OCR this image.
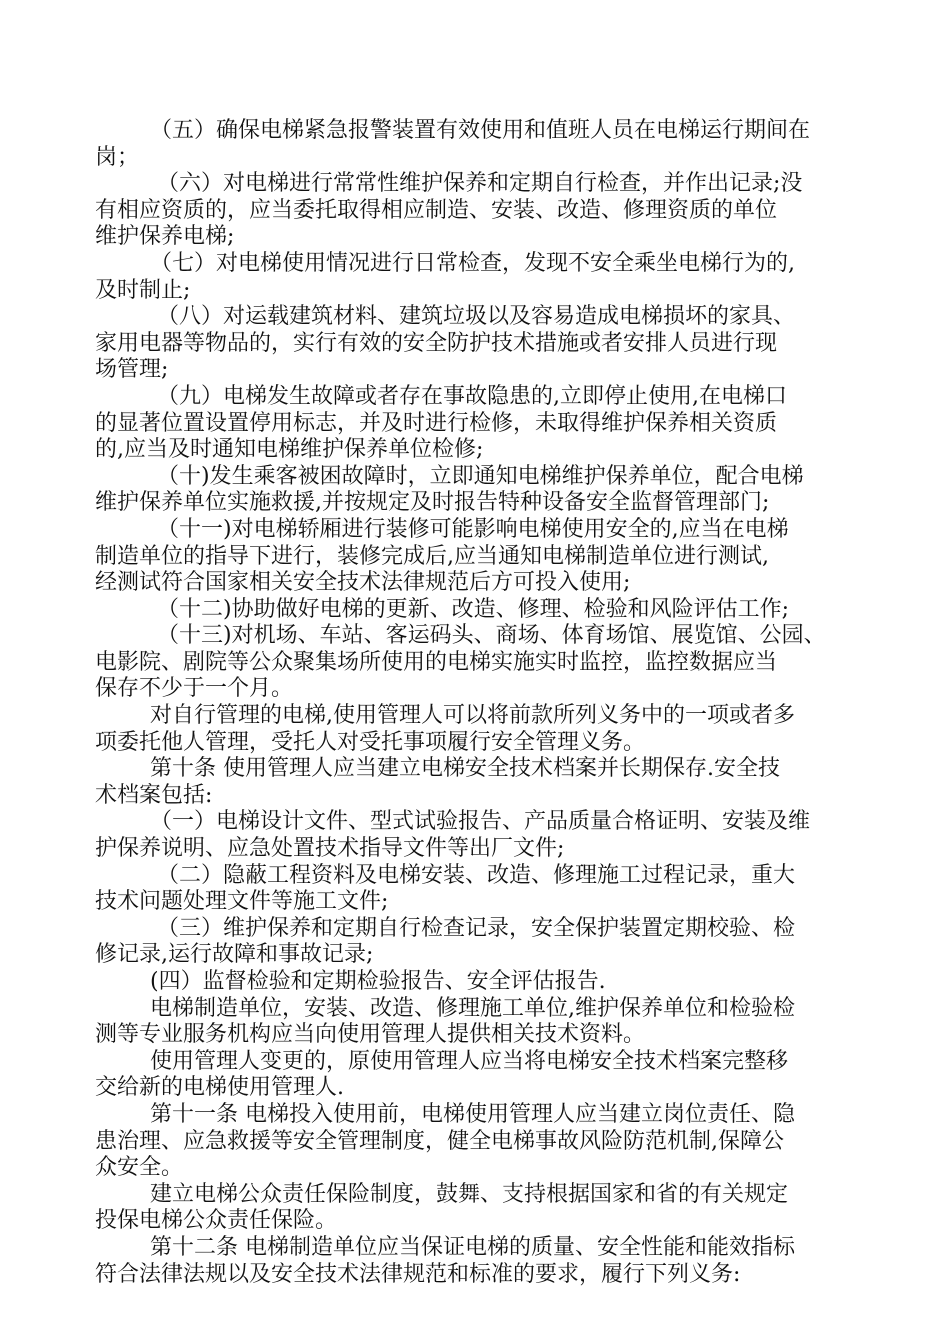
（五）确保电梯紧急报警装置有效使用和值班人员在电梯运行期间在
岗；
（六）对电梯进行常常性维护保养和定期自行检查，并作出记录;没
有相应资质的，应当委托取得相应制造、安装、改造、修理资质的单位
维护保养电梯;
（七）对电梯使用情况进行日常检查，发现不安全乘坐电梯行为的,
及时制止;
（八）对运载建筑材料、建筑垃圾以及容易造成电梯损坏的家具、
家用电器等物品的，实行有效的安全防护技术措施或者安排人员进行现
场管理;
（九）电梯发生故障或者存在事故隐患的,立即停止使用,在电梯口
的显著位置设置停用标志，并及时进行检修，未取得维护保养相关资质
的,应当及时通知电梯维护保养单位检修;
（十)发生乘客被困故障时，立即通知电梯维护保养单位，配合电梯
维护保养单位实施救援,并按规定及时报告特种设备安全监督管理部门;
（十一)对电梯轿厢进行装修可能影响电梯使用安全的,应当在电梯
制造单位的指导下进行，装修完成后,应当通知电梯制造单位进行测试,
经测试符合国家相关安全技术法律规范后方可投入使用;
（十二)协助做好电梯的更新、改造、修理、检验和风险评估工作;
（十三)对机场、车站、客运码头、商场、体育场馆、展览馆、公园、
电影院、剧院等公众聚集场所使用的电梯实施实时监控，监控数据应当
保存不少于一个月。
对自行管理的电梯,使用管理人可以将前款所列义务中的一项或者多
项委托他人管理，受托人对受托事项履行安全管理义务。
第十条 使用管理人应当建立电梯安全技术档案并长期保存.安全技
术档案包括:
（一）电梯设计文件、型式试验报告、产品质量合格证明、安装及维
护保养说明、应急处置技术指导文件等出厂文件;
（二）隐蔽工程资料及电梯安装、改造、修理施工过程记录，重大
技术问题处理文件等施工文件;
（三）维护保养和定期自行检查记录，安全保护装置定期校验、检
修记录,运行故障和事故记录;
(四）监督检验和定期检验报告、安全评估报告.
电梯制造单位，安装、改造、修理施工单位,维护保养单位和检验检
测等专业服务机构应当向使用管理人提供相关技术资料。
使用管理人变更的，原使用管理人应当将电梯安全技术档案完整移
交给新的电梯使用管理人.
第十一条 电梯投入使用前，电梯使用管理人应当建立岗位责任、隐
患治理、应急救援等安全管理制度，健全电梯事故风险防范机制,保障公
众安全。
建立电梯公众责任保险制度，鼓舞、支持根据国家和省的有关规定
投保电梯公众责任保险。
第十二条 电梯制造单位应当保证电梯的质量、安全性能和能效指标
符合法律法规以及安全技术法律规范和标准的要求，履行下列义务:
